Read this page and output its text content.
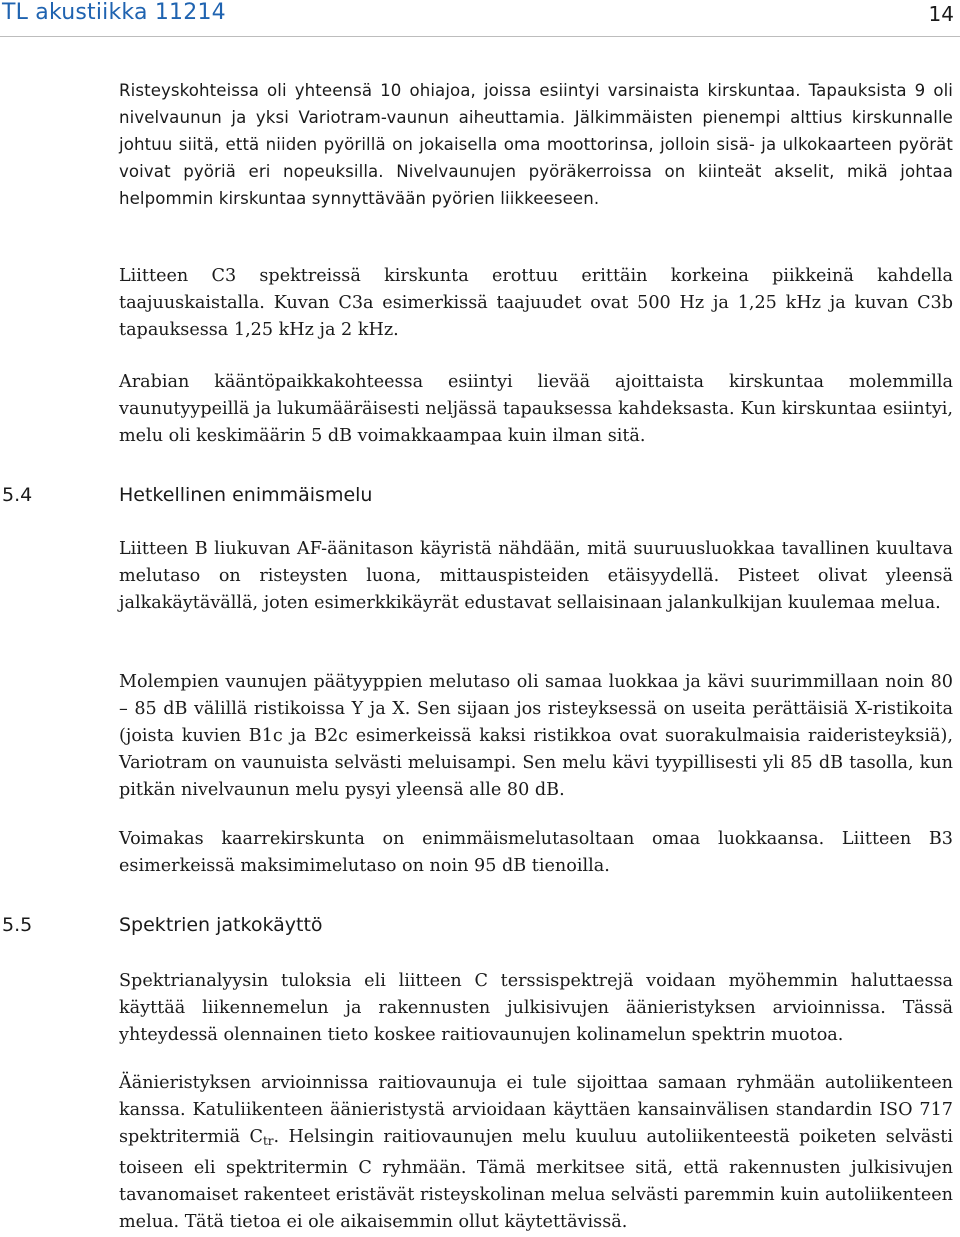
TL akustiikka 11214	14

Risteyskohteissa oli yhteensä 10 ohiajoa, joissa esiintyi varsinaista kirskuntaa. Tapauksista 9 oli nivelvaunun ja yksi Variotram-vaunun aiheuttamia. Jälkimmäisten pienempi alttius kirskunnalle johtuu siitä, että niiden pyörillä on jokaisella oma moottorinsa, jolloin sisä- ja ulkokaarteen pyörät voivat pyöriä eri nopeuksilla. Nivelvaunujen pyöräkerroissa on kiinteät akselit, mikä johtaa helpommin kirskuntaa synnyttävään pyörien liikkeeseen.

Liitteen C3 spektreissä kirskunta erottuu erittäin korkeina piikkeinä kahdella taajuuskaistalla. Kuvan C3a esimerkissä taajuudet ovat 500 Hz ja 1,25 kHz ja kuvan C3b tapauksessa 1,25 kHz ja 2 kHz.

Arabian kääntöpaikkakohteessa esiintyi lievää ajoittaista kirskuntaa molemmilla vaunutyypeillä ja lukumääräisesti neljässä tapauksessa kahdeksasta. Kun kirskuntaa esiintyi, melu oli keskimäärin 5 dB voimakkaampaa kuin ilman sitä.

5.4	Hetkellinen enimmäismelu

Liitteen B liukuvan AF-äänitason käyristä nähdään, mitä suuruusluokkaa tavallinen kuultava melutaso on risteysten luona, mittauspisteiden etäisyydellä. Pisteet olivat yleensä jalkakäytävällä, joten esimerkkikäyrät edustavat sellaisinaan jalankulkijan kuulemaa melua.

Molempien vaunujen päätyyppien melutaso oli samaa luokkaa ja kävi suurimmillaan noin 80 – 85 dB välillä ristikoissa Y ja X. Sen sijaan jos risteyksessä on useita perättäisiä X-ristikoita (joista kuvien B1c ja B2c esimerkeissä kaksi ristikkoa ovat suorakulmaisia raideristeyksiä), Variotram on vaunuista selvästi meluisampi. Sen melu kävi tyypillisesti yli 85 dB tasolla, kun pitkän nivelvaunun melu pysyi yleensä alle 80 dB.

Voimakas kaarrekirskunta on enimmäismelutasoltaan omaa luokkaansa. Liitteen B3 esimerkeissä maksimimelutaso on noin 95 dB tienoilla.

5.5	Spektrien jatkokäyttö

Spektrianalyysin tuloksia eli liitteen C terssispektrejä voidaan myöhemmin haluttaessa käyttää liikennemelun ja rakennusten julkisivujen äänieristyksen arvioinnissa. Tässä yhteydessä olennainen tieto koskee raitiovaunujen kolinamelun spektrin muotoa.

Äänieristyksen arvioinnissa raitiovaunuja ei tule sijoittaa samaan ryhmään autoliikenteen kanssa. Katuliikenteen äänieristystä arvioidaan käyttäen kansainvälisen standardin ISO 717 spektritermiä $C_{tr}$. Helsingin raitiovaunujen melu kuuluu autoliikenteestä poiketen selvästi toiseen eli spektritermin C ryhmään. Tämä merkitsee sitä, että rakennusten julkisivujen tavanomaiset rakenteet eristävät risteyskolinan melua selvästi paremmin kuin autoliikenteen melua. Tätä tietoa ei ole aikaisemmin ollut käytettävissä.
